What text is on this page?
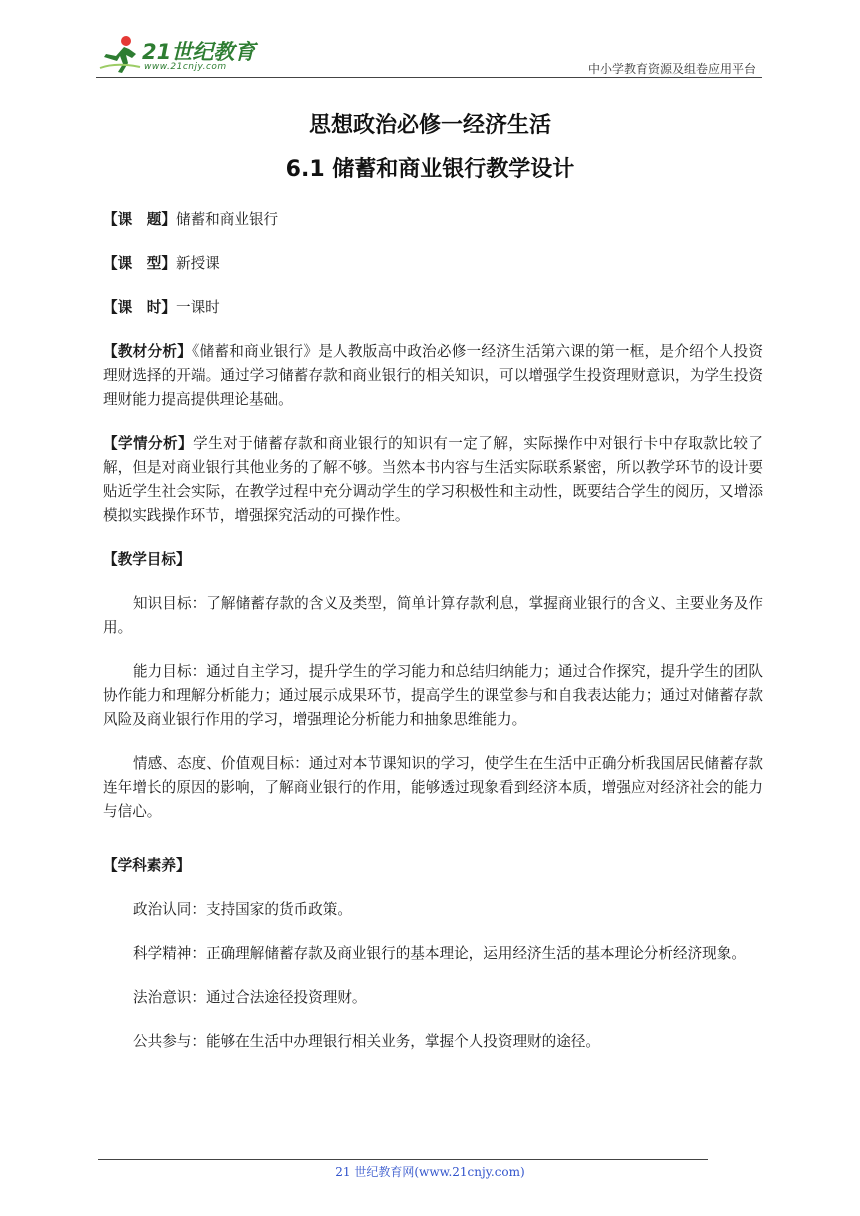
21世纪教育
www.21cnjy.com	中小学教育资源及组卷应用平台
思想政治必修一经济生活
6.1 储蓄和商业银行教学设计
【课　题】储蓄和商业银行
【课　型】新授课
【课　时】一课时
【教材分析】《储蓄和商业银行》是人教版高中政治必修一经济生活第六课的第一框，是介绍个人投资理财选择的开端。通过学习储蓄存款和商业银行的相关知识，可以增强学生投资理财意识，为学生投资理财能力提高提供理论基础。
【学情分析】学生对于储蓄存款和商业银行的知识有一定了解，实际操作中对银行卡中存取款比较了解，但是对商业银行其他业务的了解不够。当然本书内容与生活实际联系紧密，所以教学环节的设计要贴近学生社会实际，在教学过程中充分调动学生的学习积极性和主动性，既要结合学生的阅历，又增添模拟实践操作环节，增强探究活动的可操作性。
【教学目标】
知识目标：了解储蓄存款的含义及类型，简单计算存款利息，掌握商业银行的含义、主要业务及作用。
能力目标：通过自主学习，提升学生的学习能力和总结归纳能力；通过合作探究，提升学生的团队协作能力和理解分析能力；通过展示成果环节，提高学生的课堂参与和自我表达能力；通过对储蓄存款风险及商业银行作用的学习，增强理论分析能力和抽象思维能力。
情感、态度、价值观目标：通过对本节课知识的学习，使学生在生活中正确分析我国居民储蓄存款连年增长的原因的影响，了解商业银行的作用，能够透过现象看到经济本质，增强应对经济社会的能力与信心。
【学科素养】
政治认同：支持国家的货币政策。
科学精神：正确理解储蓄存款及商业银行的基本理论，运用经济生活的基本理论分析经济现象。
法治意识：通过合法途径投资理财。
公共参与：能够在生活中办理银行相关业务，掌握个人投资理财的途径。
21 世纪教育网(www.21cnjy.com)
